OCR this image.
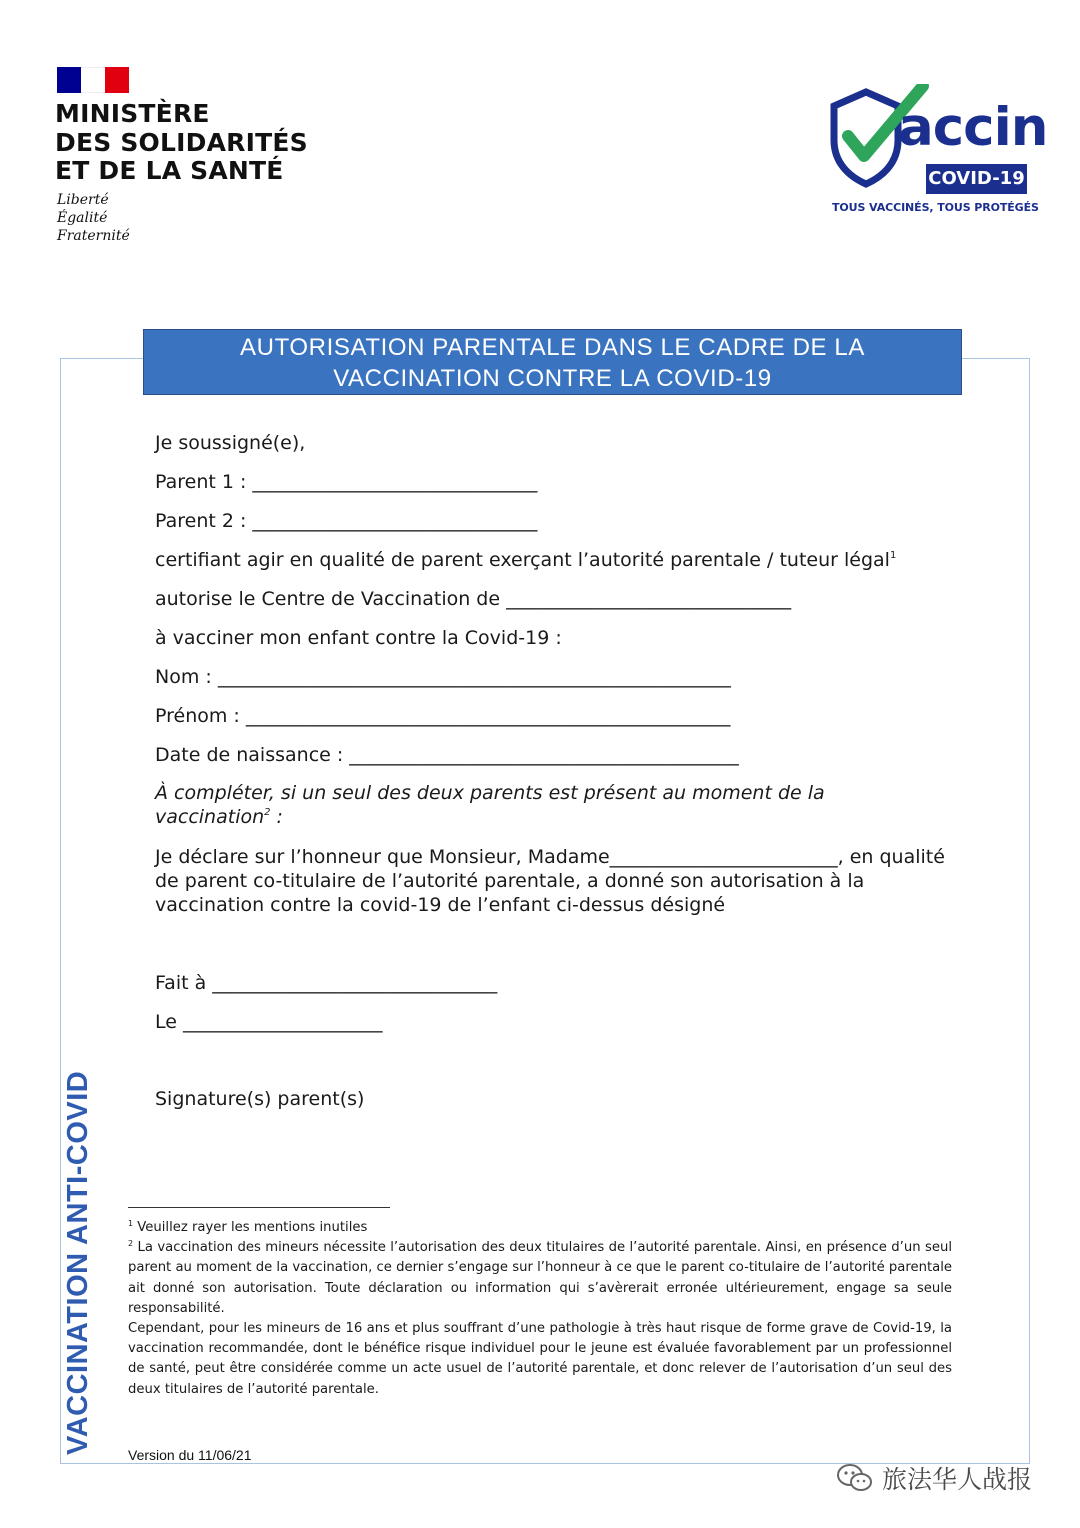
MINISTÈRE
DES SOLIDARITÉS
ET DE LA SANTÉ
Liberté
Égalité
Fraternité
accin
COVID-19
TOUS VACCINÉS, TOUS PROTÉGÉS
AUTORISATION PARENTALE DANS LE CADRE DE LA
VACCINATION CONTRE LA COVID-19
VACCINATION ANTI-COVID
Je soussigné(e),
Parent 1 : ______________________________
Parent 2 : ______________________________
certifiant agir en qualité de parent exerçant l’autorité parentale / tuteur légal$^1$
autorise le Centre de Vaccination de ______________________________
à vacciner mon enfant contre la Covid-19 :
Nom : ______________________________________________________
Prénom : ___________________________________________________
Date de naissance : _________________________________________
À compléter, si un seul des deux parents est présent au moment de la
vaccination$^2$ :
Je déclare sur l’honneur que Monsieur, Madame________________________, en qualité de parent co-titulaire de l’autorité parentale, a donné son autorisation à la vaccination contre la covid-19 de l’enfant ci-dessus désigné
Fait à ______________________________
Le _____________________
Signature(s) parent(s)

$^1$ Veuillez rayer les mentions inutiles

$^2$ La vaccination des mineurs nécessite l’autorisation des deux titulaires de l’autorité parentale. Ainsi, en présence d’un seul parent au moment de la vaccination, ce dernier s’engage sur l’honneur à ce que le parent co-titulaire de l’autorité parentale ait donné son autorisation. Toute déclaration ou information qui s’avèrerait erronée ultérieurement, engage sa seule responsabilité.

Cependant, pour les mineurs de 16 ans et plus souffrant d’une pathologie à très haut risque de forme grave de Covid-19, la vaccination recommandée, dont le bénéfice risque individuel pour le jeune est évaluée favorablement par un professionnel de santé, peut être considérée comme un acte usuel de l’autorité parentale, et donc relever de l’autorisation d’un seul des deux titulaires de l’autorité parentale.

Version du 11/06/21
旅法华人战报
